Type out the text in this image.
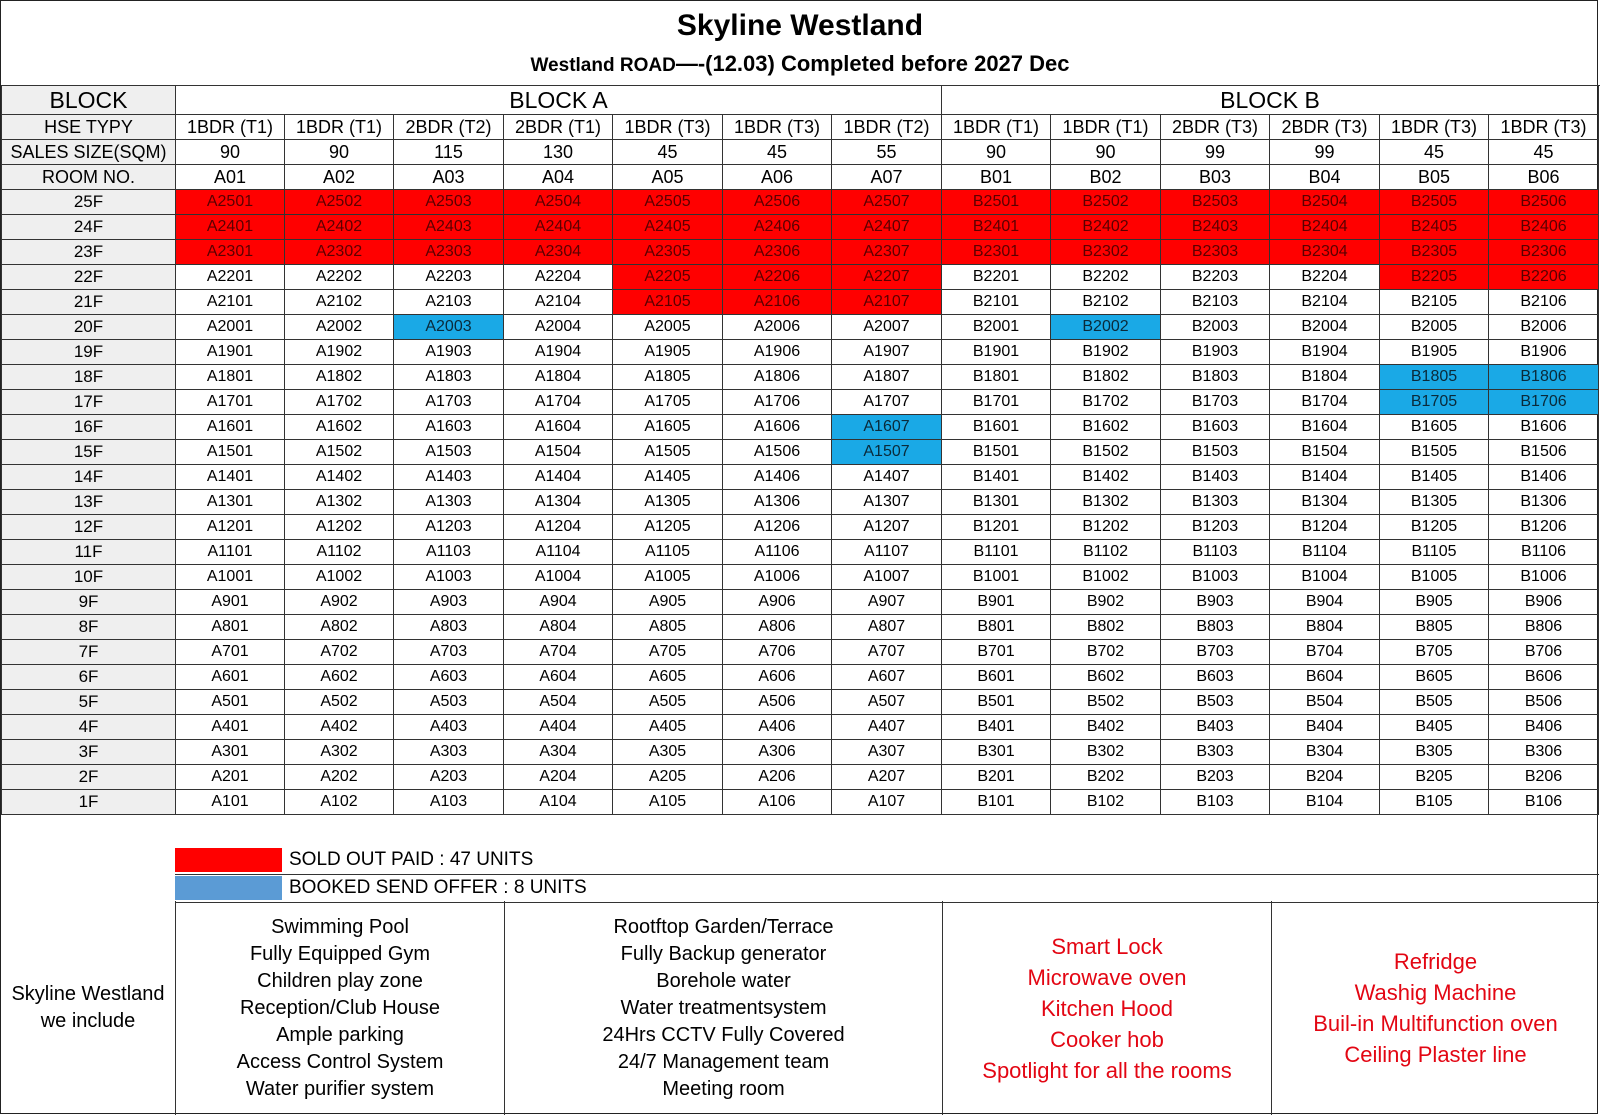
Skyline Westland
Westland ROAD—-(12.03) Completed before 2027 Dec
BLOCK	BLOCK A							BLOCK B					
HSE TYPY	1BDR (T1)	1BDR (T1)	2BDR (T2)	2BDR (T1)	1BDR (T3)	1BDR (T3)	1BDR (T2)	1BDR (T1)	1BDR (T1)	2BDR (T3)	2BDR (T3)	1BDR (T3)	1BDR (T3)
SALES SIZE(SQM)	90	90	115	130	45	45	55	90	90	99	99	45	45
ROOM NO.	A01	A02	A03	A04	A05	A06	A07	B01	B02	B03	B04	B05	B06
25F	A2501	A2502	A2503	A2504	A2505	A2506	A2507	B2501	B2502	B2503	B2504	B2505	B2506
24F	A2401	A2402	A2403	A2404	A2405	A2406	A2407	B2401	B2402	B2403	B2404	B2405	B2406
23F	A2301	A2302	A2303	A2304	A2305	A2306	A2307	B2301	B2302	B2303	B2304	B2305	B2306
22F	A2201	A2202	A2203	A2204	A2205	A2206	A2207	B2201	B2202	B2203	B2204	B2205	B2206
21F	A2101	A2102	A2103	A2104	A2105	A2106	A2107	B2101	B2102	B2103	B2104	B2105	B2106
20F	A2001	A2002	A2003	A2004	A2005	A2006	A2007	B2001	B2002	B2003	B2004	B2005	B2006
19F	A1901	A1902	A1903	A1904	A1905	A1906	A1907	B1901	B1902	B1903	B1904	B1905	B1906
18F	A1801	A1802	A1803	A1804	A1805	A1806	A1807	B1801	B1802	B1803	B1804	B1805	B1806
17F	A1701	A1702	A1703	A1704	A1705	A1706	A1707	B1701	B1702	B1703	B1704	B1705	B1706
16F	A1601	A1602	A1603	A1604	A1605	A1606	A1607	B1601	B1602	B1603	B1604	B1605	B1606
15F	A1501	A1502	A1503	A1504	A1505	A1506	A1507	B1501	B1502	B1503	B1504	B1505	B1506
14F	A1401	A1402	A1403	A1404	A1405	A1406	A1407	B1401	B1402	B1403	B1404	B1405	B1406
13F	A1301	A1302	A1303	A1304	A1305	A1306	A1307	B1301	B1302	B1303	B1304	B1305	B1306
12F	A1201	A1202	A1203	A1204	A1205	A1206	A1207	B1201	B1202	B1203	B1204	B1205	B1206
11F	A1101	A1102	A1103	A1104	A1105	A1106	A1107	B1101	B1102	B1103	B1104	B1105	B1106
10F	A1001	A1002	A1003	A1004	A1005	A1006	A1007	B1001	B1002	B1003	B1004	B1005	B1006
9F	A901	A902	A903	A904	A905	A906	A907	B901	B902	B903	B904	B905	B906
8F	A801	A802	A803	A804	A805	A806	A807	B801	B802	B803	B804	B805	B806
7F	A701	A702	A703	A704	A705	A706	A707	B701	B702	B703	B704	B705	B706
6F	A601	A602	A603	A604	A605	A606	A607	B601	B602	B603	B604	B605	B606
5F	A501	A502	A503	A504	A505	A506	A507	B501	B502	B503	B504	B505	B506
4F	A401	A402	A403	A404	A405	A406	A407	B401	B402	B403	B404	B405	B406
3F	A301	A302	A303	A304	A305	A306	A307	B301	B302	B303	B304	B305	B306
2F	A201	A202	A203	A204	A205	A206	A207	B201	B202	B203	B204	B205	B206
1F	A101	A102	A103	A104	A105	A106	A107	B101	B102	B103	B104	B105	B106
SOLD OUT PAID : 47 UNITS
BOOKED SEND OFFER : 8 UNITS
Skyline Westland
we include
Swimming Pool
Fully Equipped Gym
Children play zone
Reception/Club House
Ample parking
Access Control System
Water purifier system
Rootftop Garden/Terrace
Fully Backup generator
Borehole water
Water treatmentsystem
24Hrs CCTV Fully Covered
24/7 Management team
Meeting room
Smart Lock
Microwave oven
Kitchen Hood
Cooker hob
Spotlight for all the rooms
Refridge
Washig Machine
Buil-in Multifunction oven
Ceiling Plaster line
